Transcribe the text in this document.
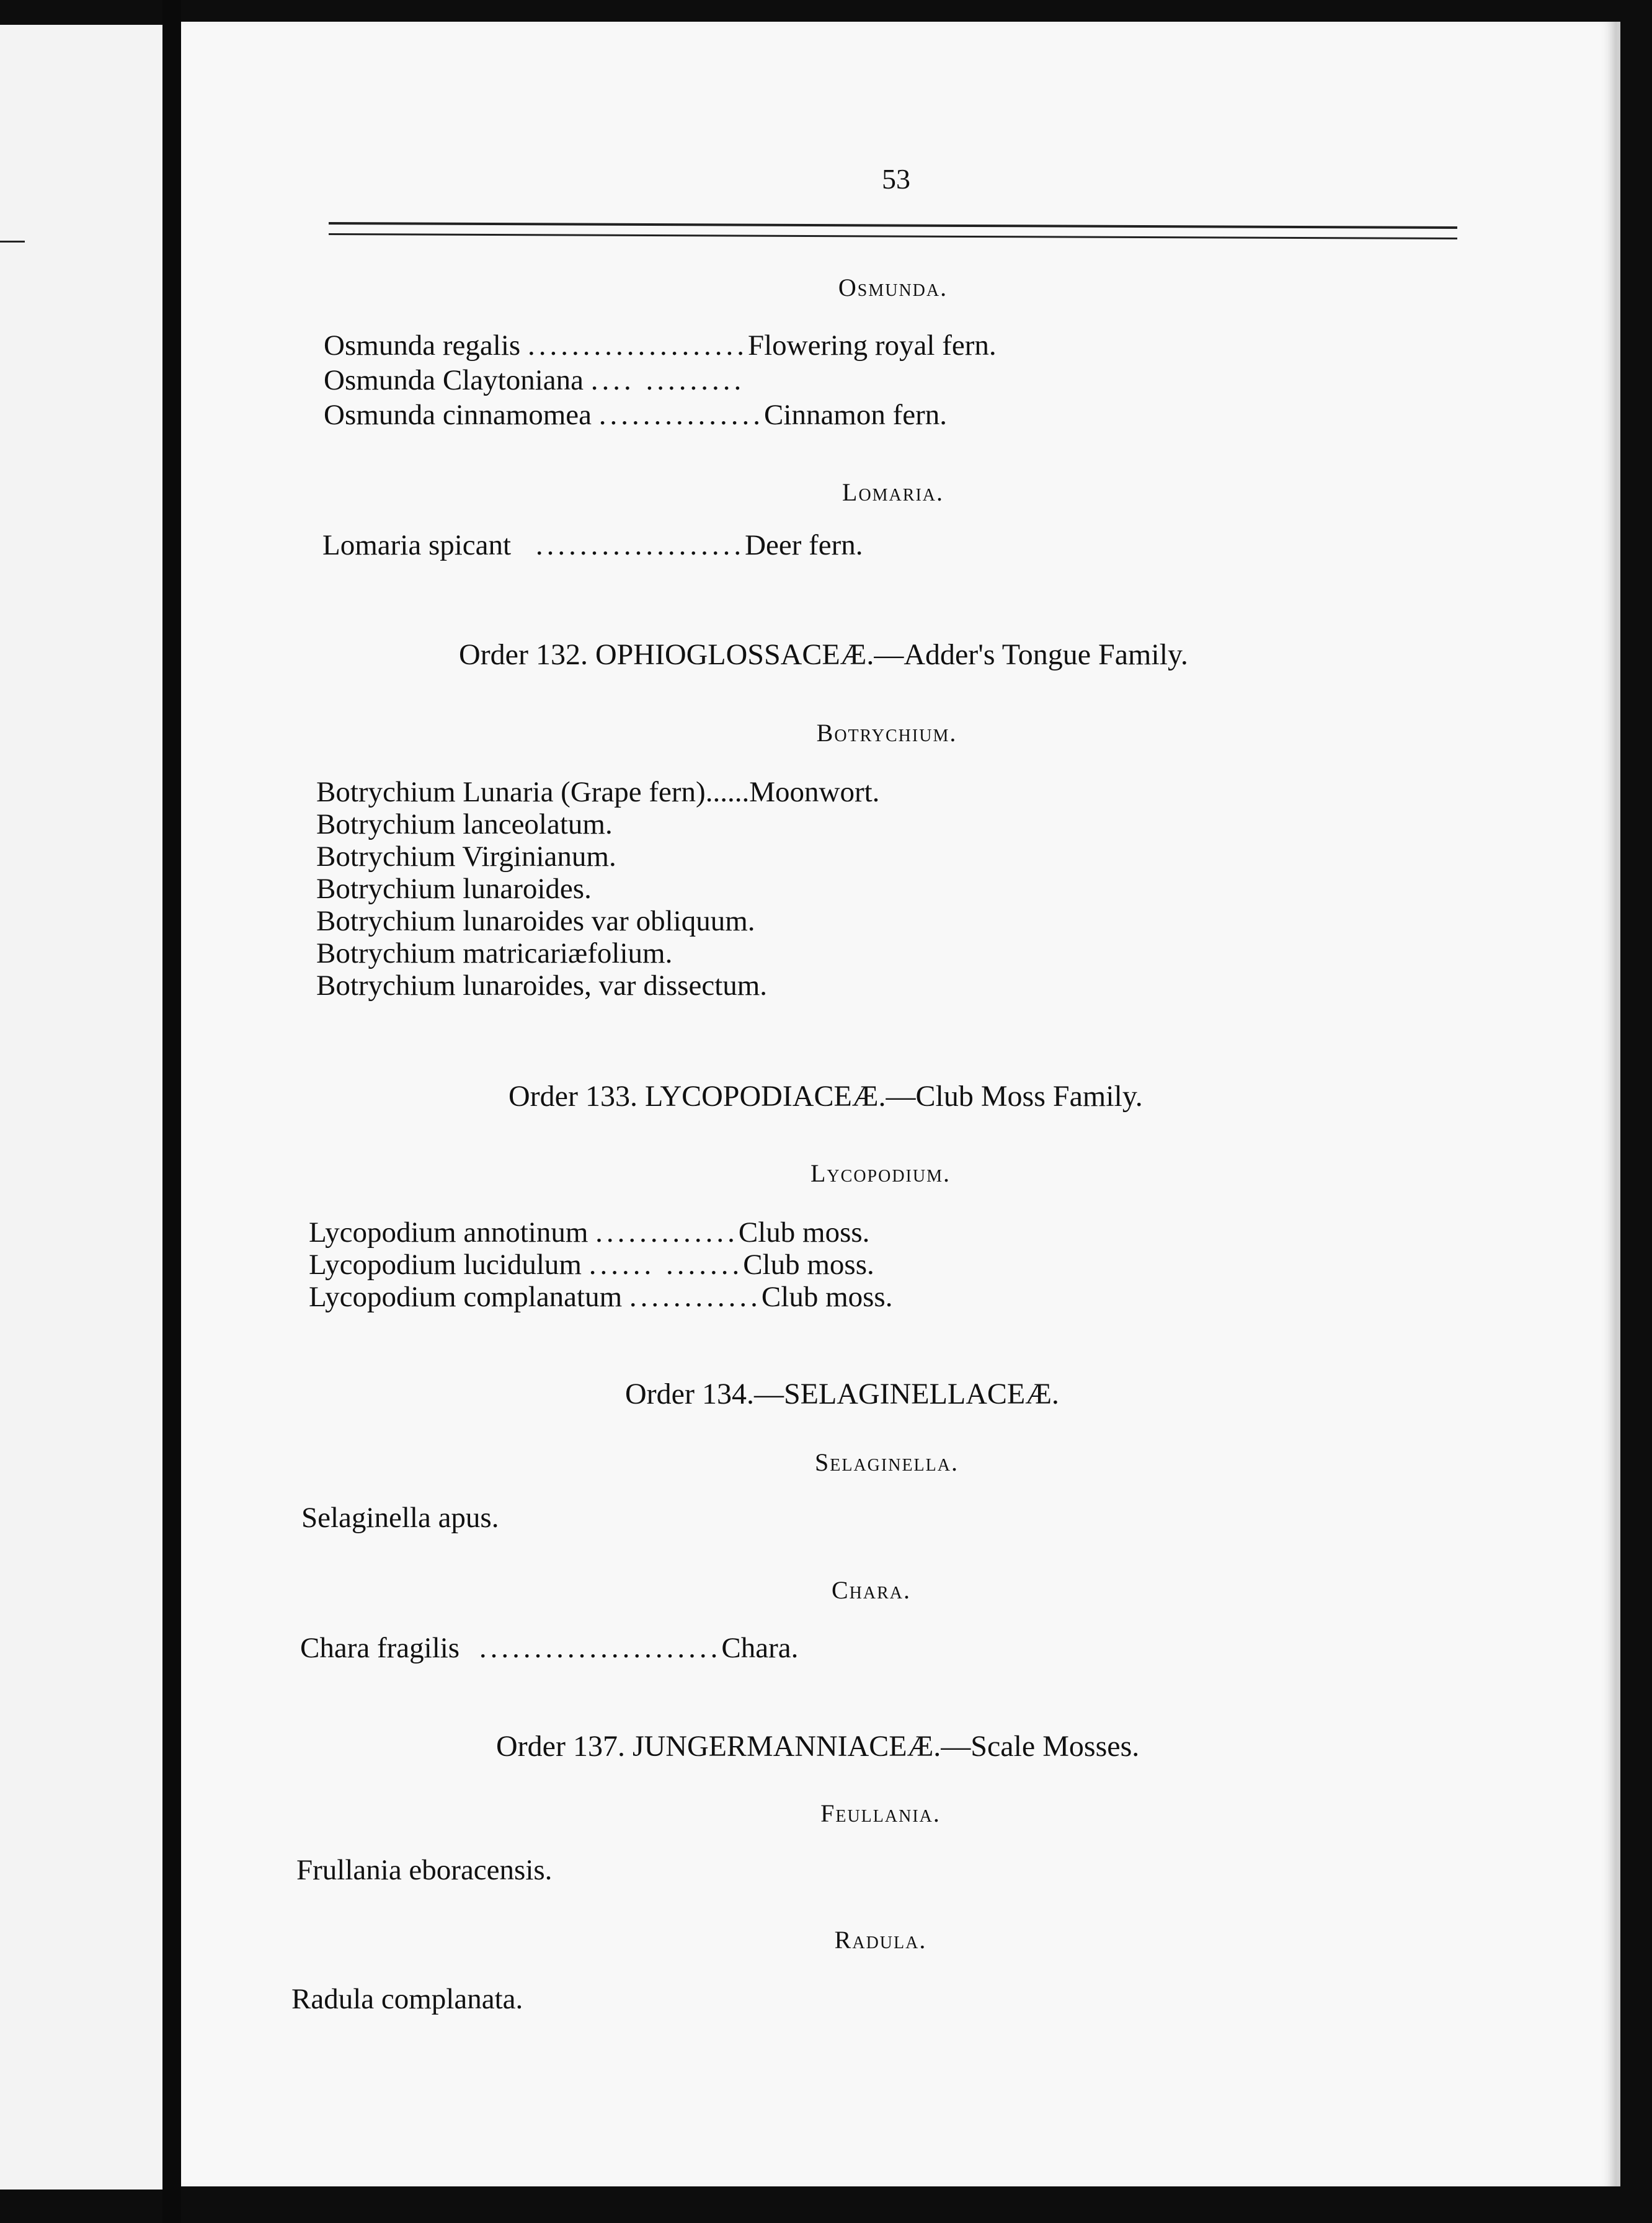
53
Osmunda.
Osmunda regalis ....................Flowering royal fern.
Osmunda Claytoniana .... .........
Osmunda cinnamomea ...............Cinnamon fern.
Lomaria.
Lomaria spicant ...................Deer fern.
Order 132. OPHIOGLOSSACEÆ.—Adder's Tongue Family.
Botrychium.
Botrychium Lunaria (Grape fern)......Moonwort.
Botrychium lanceolatum.
Botrychium Virginianum.
Botrychium lunaroides.
Botrychium lunaroides var obliquum.
Botrychium matricariæfolium.
Botrychium lunaroides, var dissectum.
Order 133. LYCOPODIACEÆ.—Club Moss Family.
Lycopodium.
Lycopodium annotinum .............Club moss.
Lycopodium lucidulum ...... .......Club moss.
Lycopodium complanatum ............Club moss.
Order 134.—SELAGINELLACEÆ.
Selaginella.
Selaginella apus.
Chara.
Chara fragilis ......................Chara.
Order 137. JUNGERMANNIACEÆ.—Scale Mosses.
Feullania.
Frullania eboracensis.
Radula.
Radula complanata.
